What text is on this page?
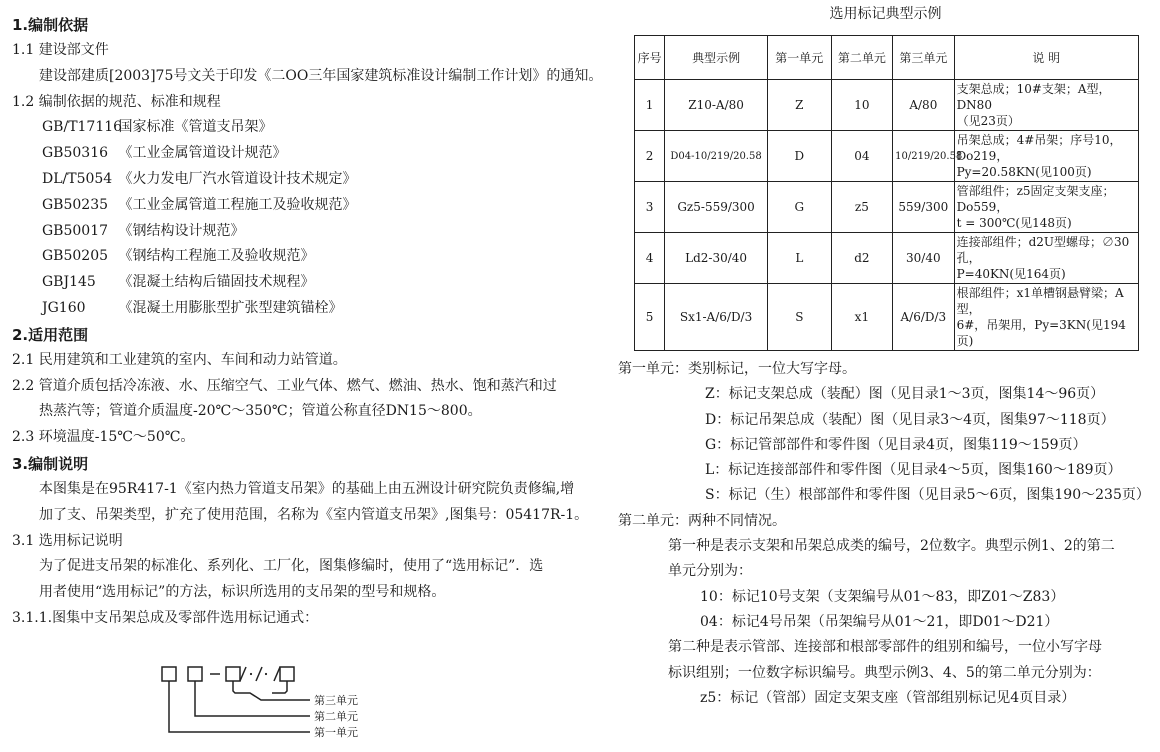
1.编制依据
1.1 建设部文件
建设部建质[2003]75号文关于印发《二OO三年国家建筑标准设计编制工作计划》的通知。
1.2 编制依据的规范、标准和规程
GB/T17116 国家标准《管道支吊架》
GB50316 《工业金属管道设计规范》
DL/T5054 《火力发电厂汽水管道设计技术规定》
GB50235 《工业金属管道工程施工及验收规范》
GB50017 《钢结构设计规范》
GB50205 《钢结构工程施工及验收规范》
GBJ145 《混凝土结构后锚固技术规程》
JG160 《混凝土用膨胀型扩张型建筑锚栓》
2.适用范围
2.1 民用建筑和工业建筑的室内、车间和动力站管道。
2.2 管道介质包括冷冻液、水、压缩空气、工业气体、燃气、燃油、热水、饱和蒸汽和过
热蒸汽等；管道介质温度-20℃～350℃；管道公称直径DN15～800。
2.3 环境温度-15℃～50℃。
3.编制说明
本图集是在95R417-1《室内热力管道支吊架》的基础上由五洲设计研究院负责修编,增
加了支、吊架类型，扩充了使用范围，名称为《室内管道支吊架》,图集号：05417R-1。
3.1 选用标记说明
为了促进支吊架的标准化、系列化、工厂化，图集修编时，使用了“选用标记”．选
用者使用“选用标记”的方法，标识所选用的支吊架的型号和规格。
3.1.1.图集中支吊架总成及零部件选用标记通式：
第三单元
第二单元
第一单元
选用标记典型示例
序号	典型示例	第一单元	第二单元	第三单元	说 明
1	Z10-A/80	Z	10	A/80	支架总成；10#支架；A型，DN80
（见23页）

2	D04-10/219/20.58	D	04	10/219/20.58	吊架总成；4#吊架；序号10，Do219，
Py=20.58KN(见100页)

3	Gz5-559/300	G	z5	559/300	管部组件；z5固定支架支座；Do559，
t = 300℃(见148页)

4	Ld2-30/40	L	d2	30/40	连接部组件；d2U型螺母；∅30孔，
P=40KN(见164页)

5	Sx1-A/6/D/3	S	x1	A/6/D/3	根部组件；x1单槽钢悬臂梁；A型，
6#，吊架用，Py=3KN(见194页)
第一单元：类别标记，一位大写字母。
Z：标记支架总成（装配）图（见目录1～3页，图集14～96页）
D：标记吊架总成（装配）图（见目录3～4页，图集97～118页）
G：标记管部部件和零件图（见目录4页，图集119～159页）
L：标记连接部部件和零件图（见目录4～5页，图集160～189页）
S：标记（生）根部部件和零件图（见目录5～6页，图集190～235页）
第二单元：两种不同情况。
第一种是表示支架和吊架总成类的编号，2位数字。典型示例1、2的第二
单元分别为：
10：标记10号支架（支架编号从01～83，即Z01～Z83）
04：标记4号吊架（吊架编号从01～21，即D01～D21）
第二种是表示管部、连接部和根部零部件的组别和编号，一位小写字母
标识组别；一位数字标识编号。典型示例3、4、5的第二单元分别为：
z5：标记（管部）固定支架支座（管部组别标记见4页目录）
